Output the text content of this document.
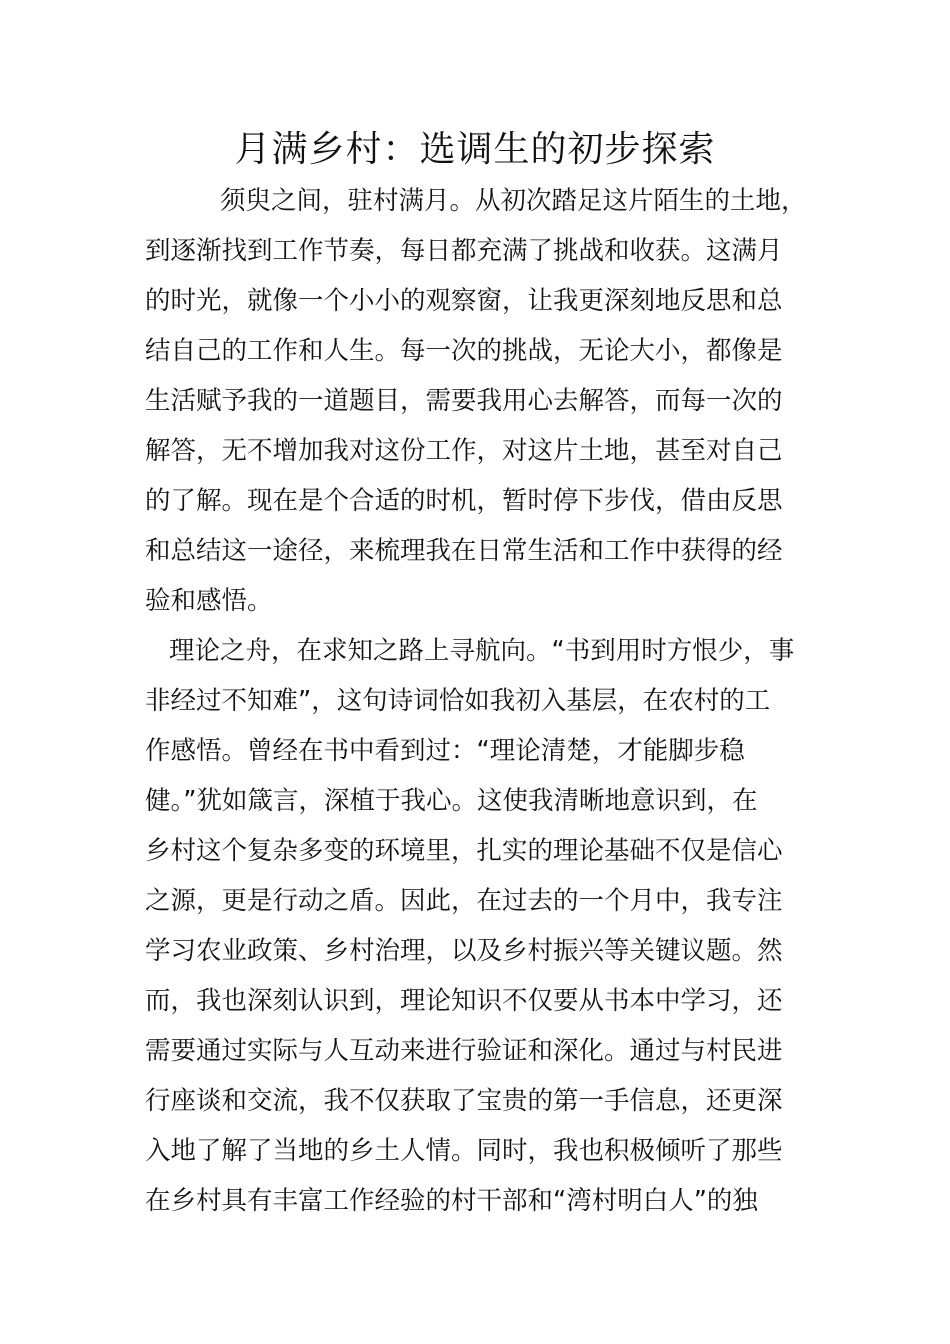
月满乡村：选调生的初步探索
须臾之间，驻村满月。从初次踏足这片陌生的土地，
到逐渐找到工作节奏，每日都充满了挑战和收获。这满月
的时光，就像一个小小的观察窗，让我更深刻地反思和总
结自己的工作和人生。每一次的挑战，无论大小，都像是
生活赋予我的一道题目，需要我用心去解答，而每一次的
解答，无不增加我对这份工作，对这片土地，甚至对自己
的了解。现在是个合适的时机，暂时停下步伐，借由反思
和总结这一途径，来梳理我在日常生活和工作中获得的经
验和感悟。
理论之舟，在求知之路上寻航向。“书到用时方恨少，事
非经过不知难”，这句诗词恰如我初入基层，在农村的工
作感悟。曾经在书中看到过：“理论清楚，才能脚步稳
健。”犹如箴言，深植于我心。这使我清晰地意识到，在
乡村这个复杂多变的环境里，扎实的理论基础不仅是信心
之源，更是行动之盾。因此，在过去的一个月中，我专注
学习农业政策、乡村治理，以及乡村振兴等关键议题。然
而，我也深刻认识到，理论知识不仅要从书本中学习，还
需要通过实际与人互动来进行验证和深化。通过与村民进
行座谈和交流，我不仅获取了宝贵的第一手信息，还更深
入地了解了当地的乡土人情。同时，我也积极倾听了那些
在乡村具有丰富工作经验的村干部和“湾村明白人”的独
